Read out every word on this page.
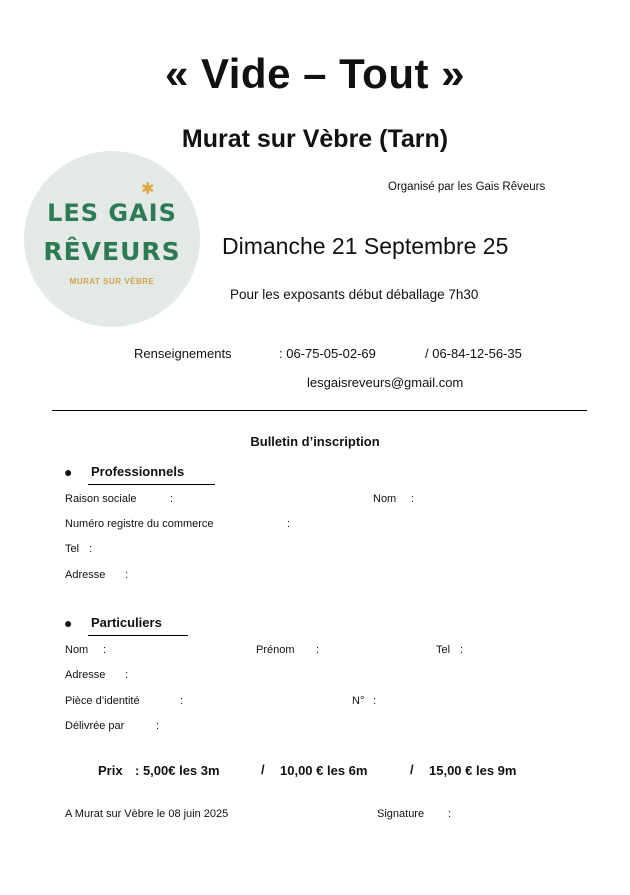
« Vide – Tout »
Murat sur Vèbre (Tarn)
Organisé par les Gais Rêveurs
✱
LES GAIS
RÊVEURS
MURAT SUR VÈBRE
Dimanche 21 Septembre 25
Pour les exposants début déballage 7h30
Renseignements	: 06-75-05-02-69	/ 06-84-12-56-35
lesgaisreveurs@gmail.com
Bulletin d’inscription
● Professionnels
Raison sociale	:	Nom :
Numéro registre du commerce	:
Tel :
Adresse :
● Particuliers
Nom :	Prénom :	Tel :
Adresse :
Pièce d’identité	:	N° :
Délivrée par	:
Prix : 5,00€ les 3m	/ 10,00 € les 6m	/ 15,00 € les 9m
A Murat sur Vèbre le 08 juin 2025	Signature :
